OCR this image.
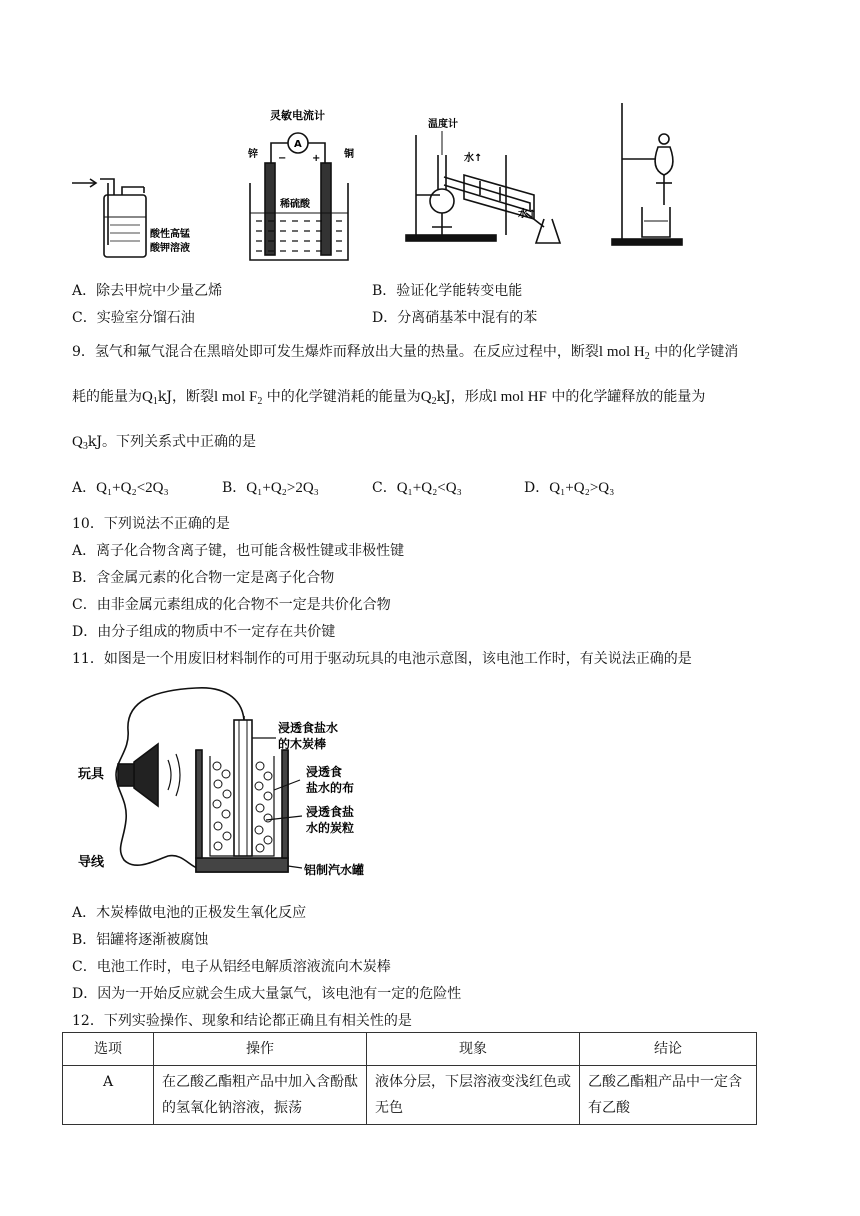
酸性高锰
酸钾溶液
A
灵敏电流计
锌	铜
−	+
稀硫酸
温度计
水↑
水↑
A．除去甲烷中少量乙烯	B．验证化学能转变电能
C．实验室分馏石油	D．分离硝基苯中混有的苯
9．氢气和氟气混合在黑暗处即可发生爆炸而释放出大量的热量。在反应过程中，断裂l mol $H_2$ 中的化学键消
耗的能量为$Q_1kJ$，断裂l mol $F_2$ 中的化学键消耗的能量为$Q_2kJ$，形成l mol HF 中的化学罐释放的能量为
$Q_3kJ$。下列关系式中正确的是
A．Q₁+Q₂<2Q₃	B．Q₁+Q₂>2Q₃	C．Q₁+Q₂<Q₃	D．Q₁+Q₂>Q₃
10．下列说法不正确的是
A．离子化合物含离子键，也可能含极性键或非极性键
B．含金属元素的化合物一定是离子化合物
C．由非金属元素组成的化合物不一定是共价化合物
D．由分子组成的物质中不一定存在共价键
11．如图是一个用废旧材料制作的可用于驱动玩具的电池示意图，该电池工作时，有关说法正确的是
玩具
导线
浸透食盐水
的木炭棒
浸透食
盐水的布
浸透食盐
水的炭粒
铝制汽水罐
A．木炭棒做电池的正极发生氧化反应
B．铝罐将逐渐被腐蚀
C．电池工作时，电子从铝经电解质溶液流向木炭棒
D．因为一开始反应就会生成大量氯气，该电池有一定的危险性
12．下列实验操作、现象和结论都正确且有相关性的是
选项	操作	现象	结论
A	在乙酸乙酯粗产品中加入含酚酞的氢氧化钠溶液，振荡	液体分层，下层溶液变浅红色或无色	乙酸乙酯粗产品中一定含有乙酸
